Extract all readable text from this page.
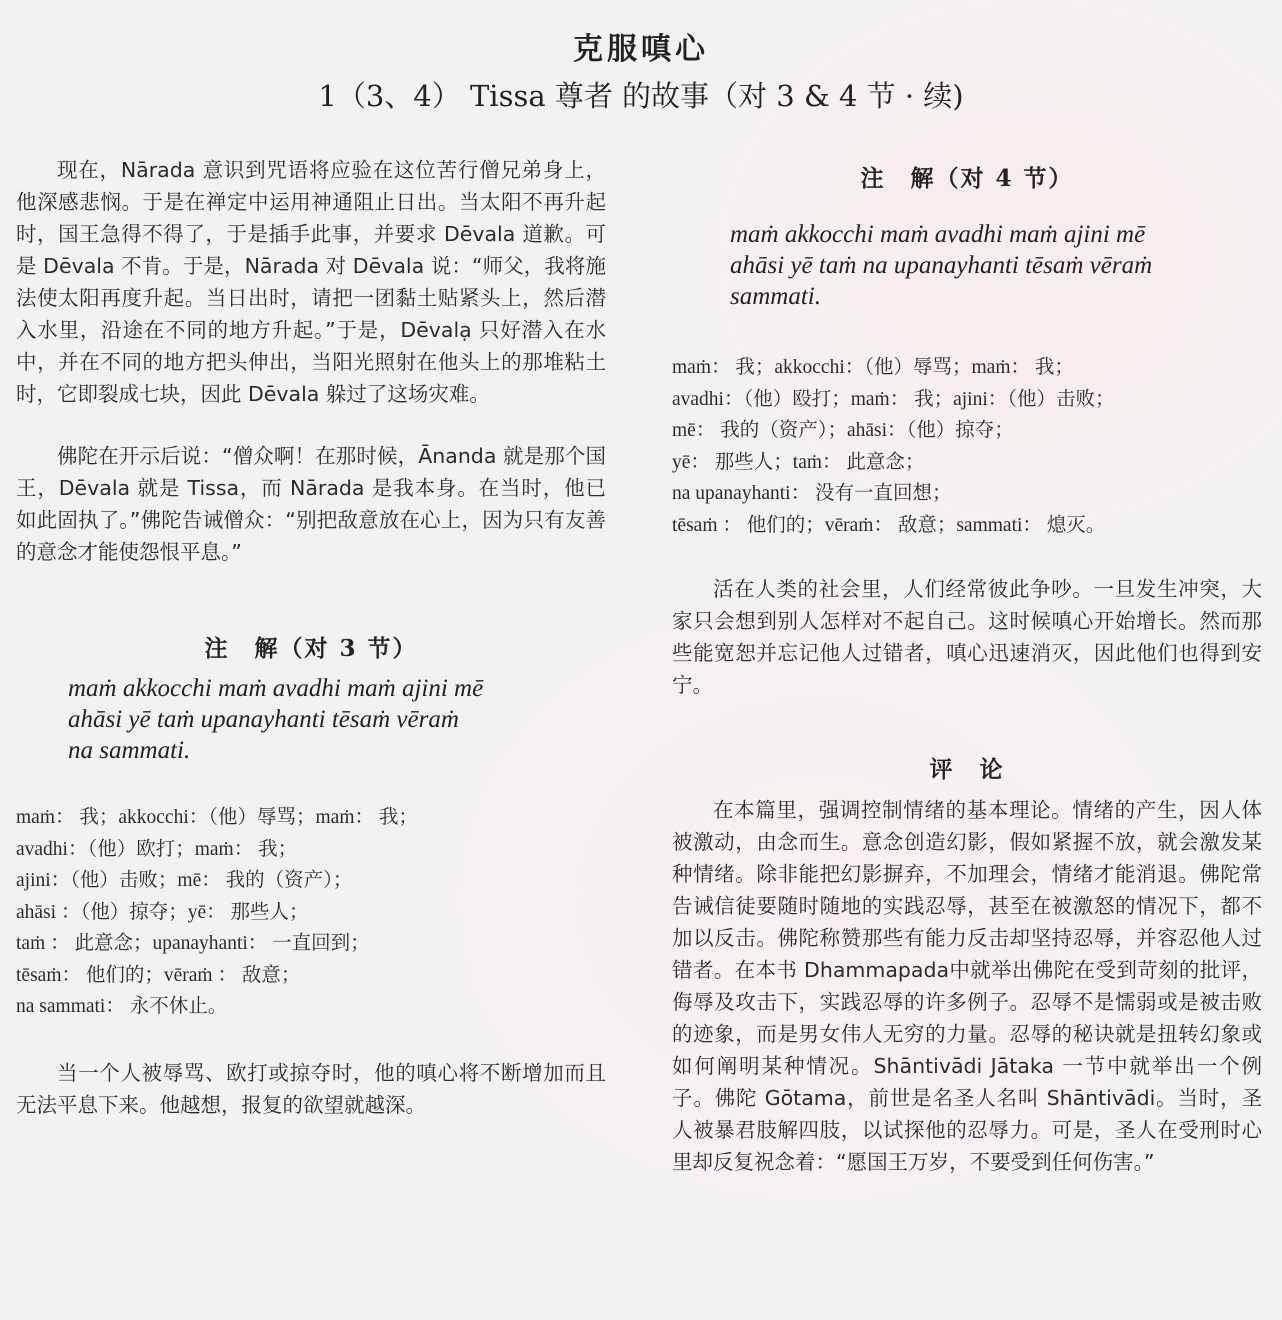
克服嗔心
1（3、4） Tissa 尊者 的故事（对 3 & 4 节 · 续)

现在，Nārada 意识到咒语将应验在这位苦行僧兄弟身上，他深感悲悯。于是在禅定中运用神通阻止日出。当太阳不再升起时，国王急得不得了，于是插手此事，并要求 Dēvala 道歉。可是 Dēvala 不肯。于是，Nārada 对 Dēvala 说：“师父，我将施法使太阳再度升起。当日出时，请把一团黏土贴紧头上，然后潜入水里，沿途在不同的地方升起。”于是，Dēvalạ 只好潜入在水中，并在不同的地方把头伸出，当阳光照射在他头上的那堆粘土时，它即裂成七块，因此 Dēvala 躲过了这场灾难。

佛陀在开示后说：“僧众啊！在那时候，Ānanda 就是那个国王，Dēvala 就是 Tissa，而 Nārada 是我本身。在当时，他已如此固执了。”佛陀告诫僧众：“别把敌意放在心上，因为只有友善的意念才能使怨恨平息。”

注　解（对 3 节）
maṁ akkocchi maṁ avadhi maṁ ajini mē
ahāsi yē taṁ upanayhanti tēsaṁ vēraṁ
na sammati.
maṁ： 我；akkocchi：（他）辱骂；maṁ： 我；
avadhi：（他）欧打；maṁ： 我；
ajini：（他）击败；mē： 我的（资产）；
ahāsi ：（他）掠夺；yē： 那些人；
taṁ ： 此意念；upanayhanti： 一直回到；
tēsaṁ： 他们的；vēraṁ ： 敌意；
na sammati： 永不休止。

当一个人被辱骂、欧打或掠夺时，他的嗔心将不断增加而且无法平息下来。他越想，报复的欲望就越深。

注　解（对 4 节）
maṁ akkocchi maṁ avadhi maṁ ajini mē
ahāsi yē taṁ na upanayhanti tēsaṁ vēraṁ
sammati.
maṁ： 我；akkocchi：（他）辱骂；maṁ： 我；
avadhi：（他）殴打；maṁ： 我；ajini：（他）击败；
mē： 我的（资产）；ahāsi：（他）掠夺；
yē： 那些人；taṁ： 此意念；
na upanayhanti： 没有一直回想；
tēsaṁ ： 他们的；vēraṁ： 敌意；sammati： 熄灭。

活在人类的社会里，人们经常彼此争吵。一旦发生冲突，大家只会想到别人怎样对不起自己。这时候嗔心开始增长。然而那些能宽恕并忘记他人过错者，嗔心迅速消灭，因此他们也得到安宁。

评　论

在本篇里，强调控制情绪的基本理论。情绪的产生，因人体被激动，由念而生。意念创造幻影，假如紧握不放，就会激发某种情绪。除非能把幻影摒弃，不加理会，情绪才能消退。佛陀常告诫信徒要随时随地的实践忍辱，甚至在被激怒的情况下，都不加以反击。佛陀称赞那些有能力反击却坚持忍辱，并容忍他人过错者。在本书 Dhammapada中就举出佛陀在受到苛刻的批评，侮辱及攻击下，实践忍辱的许多例子。忍辱不是懦弱或是被击败的迹象，而是男女伟人无穷的力量。忍辱的秘诀就是扭转幻象或如何阐明某种情况。Shāntivādi Jātaka 一节中就举出一个例子。佛陀 Gōtama，前世是名圣人名叫 Shāntivādi。当时，圣人被暴君肢解四肢，以试探他的忍辱力。可是，圣人在受刑时心里却反复祝念着：“愿国王万岁，不要受到任何伤害。”
